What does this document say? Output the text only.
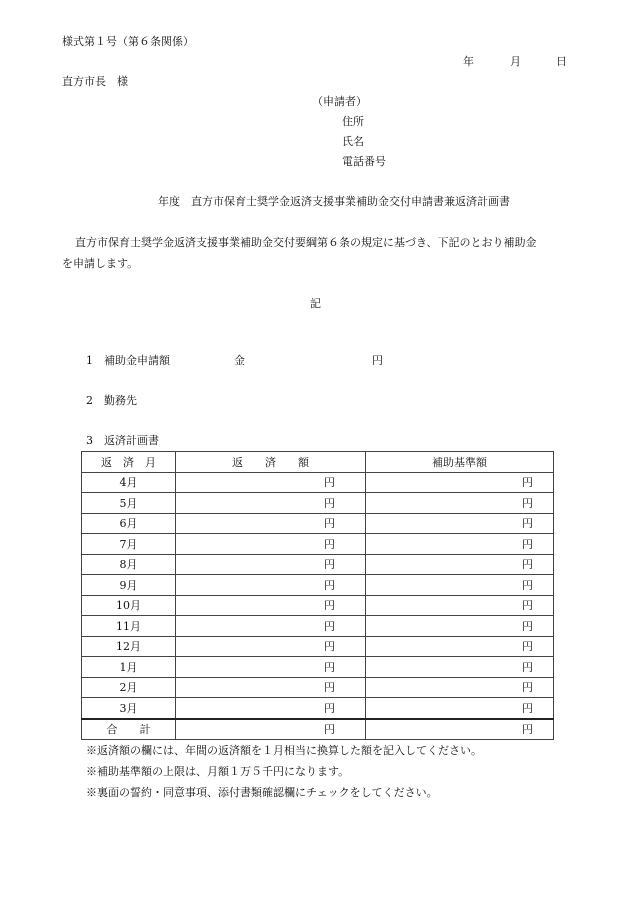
様式第１号（第６条関係）
年	月	日
直方市長　様
（申請者）
住所
氏名
電話番号
年度　直方市保育士奨学金返済支援事業補助金交付申請書兼返済計画書
直方市保育士奨学金返済支援事業補助金交付要綱第６条の規定に基づき、下記のとおり補助金
を申請します。
記
1　補助金申請額	金	円
2　勤務先
3　返済計画書
返　済　月	返　　済　　額	補助基準額
4月	円	円
5月	円	円
6月	円	円
7月	円	円
8月	円	円
9月	円	円
10月	円	円
11月	円	円
12月	円	円
1月	円	円
2月	円	円
3月	円	円
合　　計	円	円
※返済額の欄には、年間の返済額を１月相当に換算した額を記入してください。
※補助基準額の上限は、月額１万５千円になります。
※裏面の誓約・同意事項、添付書類確認欄にチェックをしてください。
